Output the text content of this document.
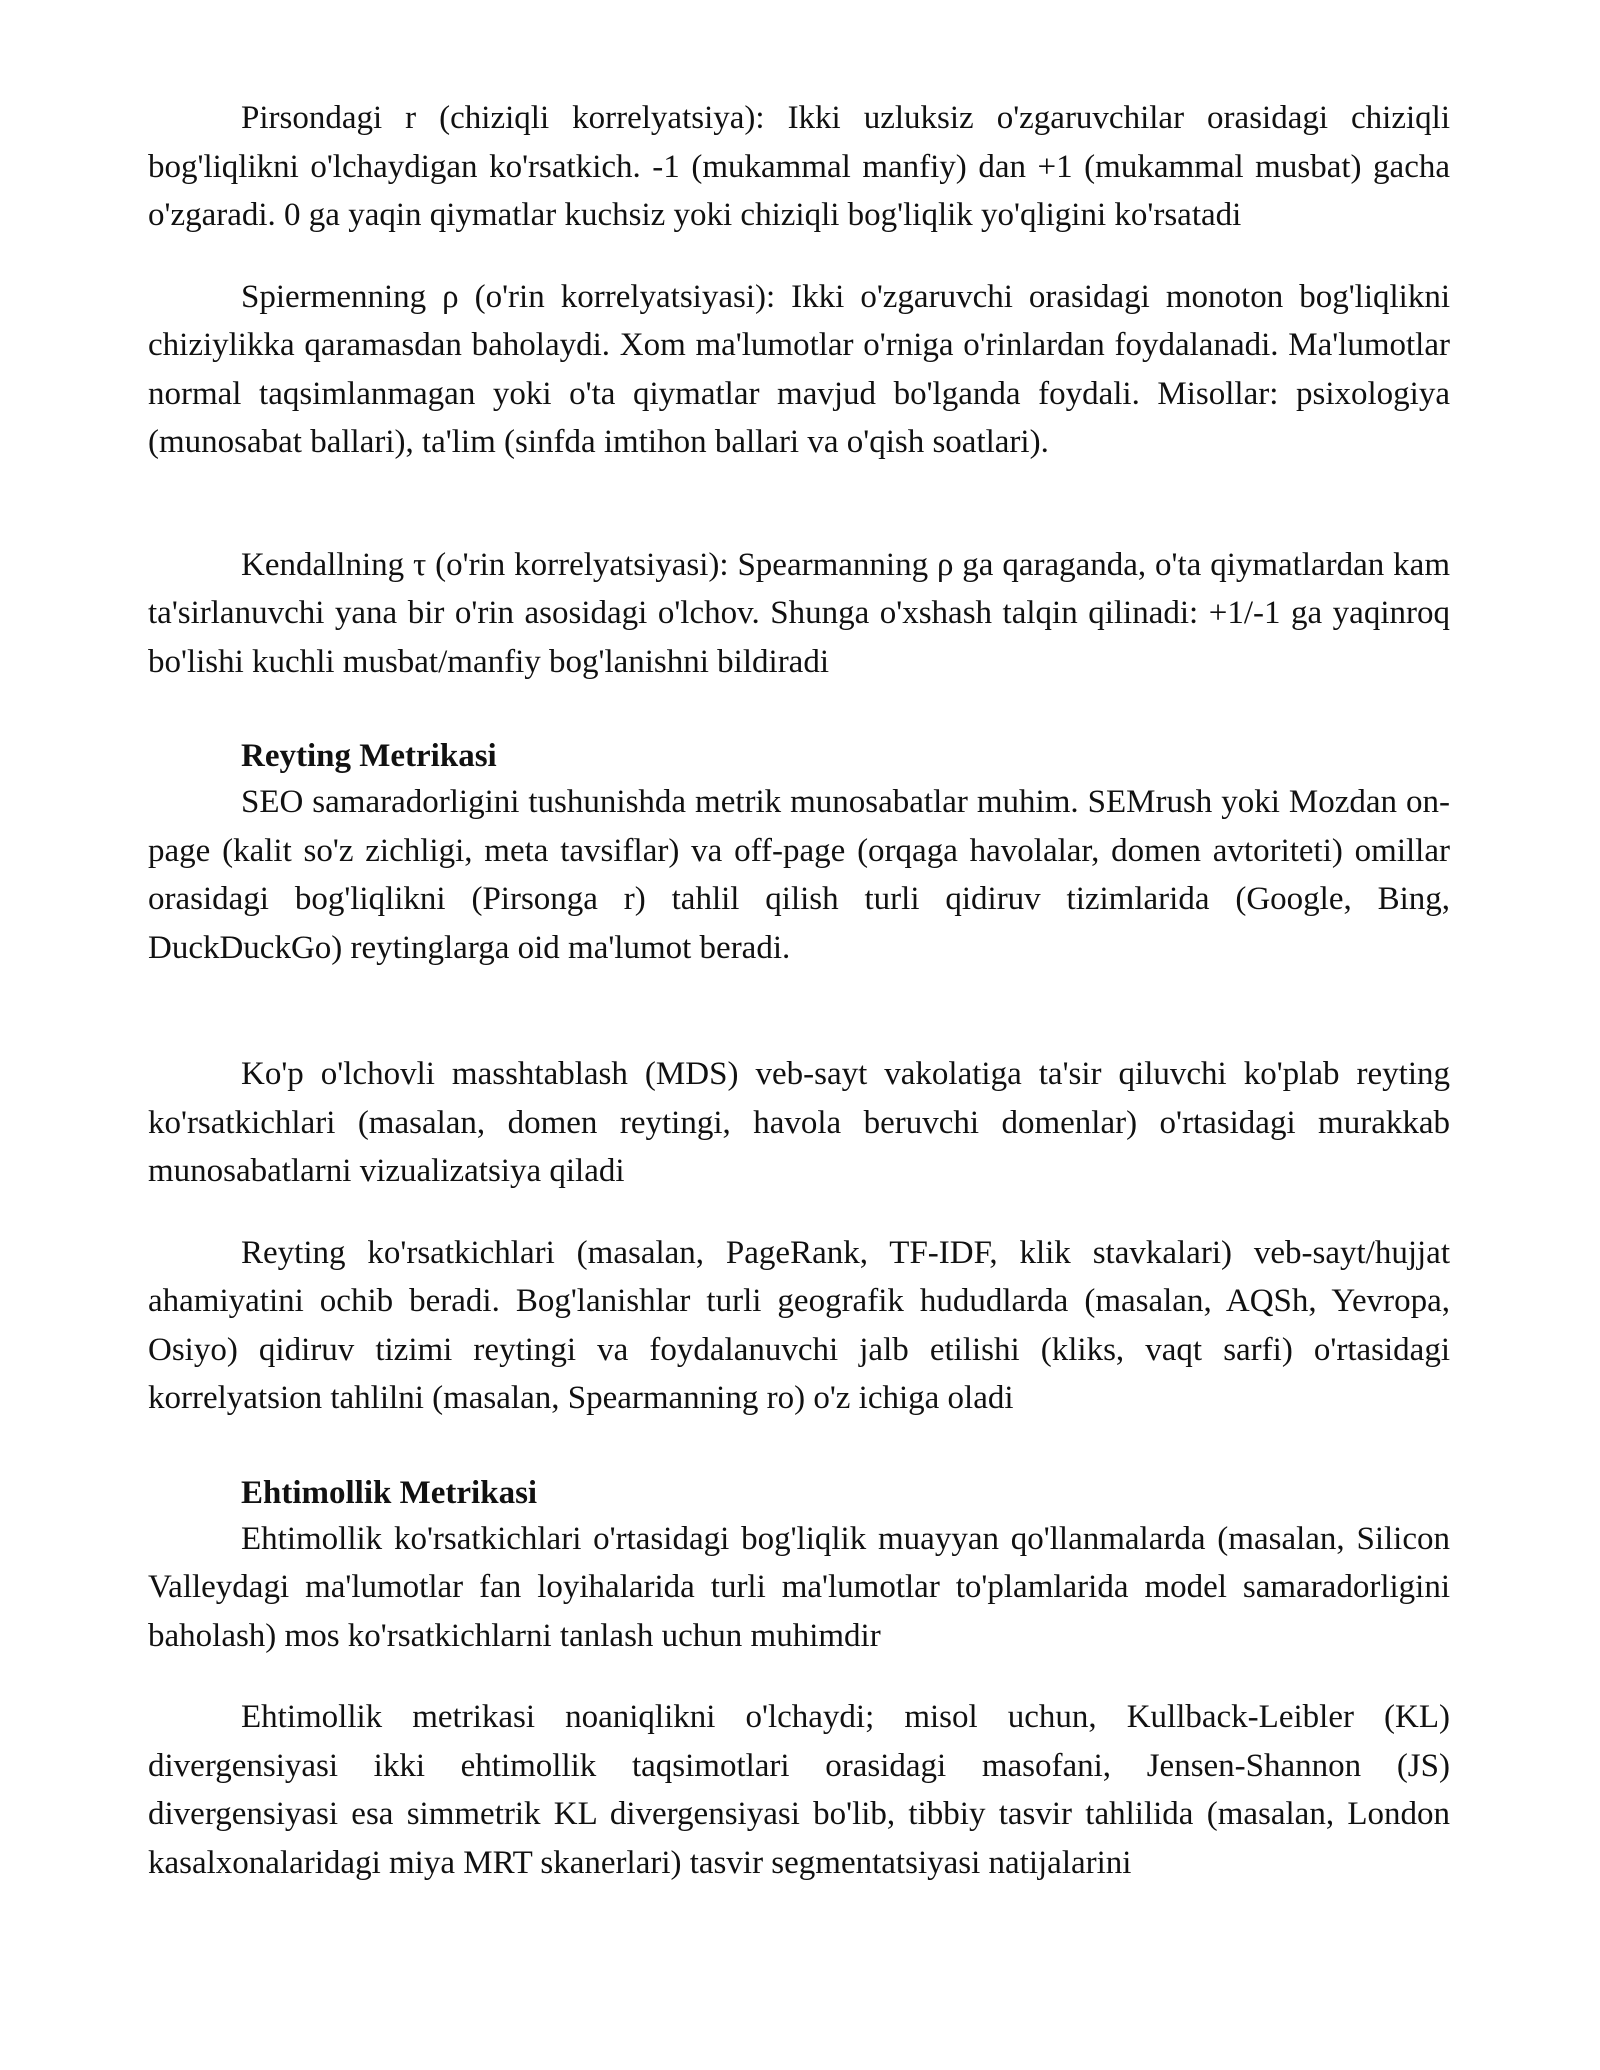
Pirsondagi r (chiziqli korrelyatsiya): Ikki uzluksiz o'zgaruvchilar orasidagi chiziqli bog'liqlikni o'lchaydigan ko'rsatkich. -1 (mukammal manfiy) dan +1 (mukammal musbat) gacha o'zgaradi. 0 ga yaqin qiymatlar kuchsiz yoki chiziqli bog'liqlik yo'qligini ko'rsatadi

Spiermenning ρ (o'rin korrelyatsiyasi): Ikki o'zgaruvchi orasidagi monoton bog'liqlikni chiziylikka qaramasdan baholaydi. Xom ma'lumotlar o'rniga o'rinlardan foydalanadi. Ma'lumotlar normal taqsimlanmagan yoki o'ta qiymatlar mavjud bo'lganda foydali. Misollar: psixologiya (munosabat ballari), ta'lim (sinfda imtihon ballari va o'qish soatlari).

Kendallning τ (o'rin korrelyatsiyasi): Spearmanning ρ ga qaraganda, o'ta qiymatlardan kam ta'sirlanuvchi yana bir o'rin asosidagi o'lchov. Shunga o'xshash talqin qilinadi: +1/-1 ga yaqinroq bo'lishi kuchli musbat/manfiy bog'lanishni bildiradi

Reyting Metrikasi

SEO samaradorligini tushunishda metrik munosabatlar muhim. SEMrush yoki Mozdan on-page (kalit so'z zichligi, meta tavsiflar) va off-page (orqaga havolalar, domen avtoriteti) omillar orasidagi bog'liqlikni (Pirsonga r) tahlil qilish turli qidiruv tizimlarida (Google, Bing, DuckDuckGo) reytinglarga oid ma'lumot beradi.

Ko'p o'lchovli masshtablash (MDS) veb-sayt vakolatiga ta'sir qiluvchi ko'plab reyting ko'rsatkichlari (masalan, domen reytingi, havola beruvchi domenlar) o'rtasidagi murakkab munosabatlarni vizualizatsiya qiladi

Reyting ko'rsatkichlari (masalan, PageRank, TF-IDF, klik stavkalari) veb-sayt/hujjat ahamiyatini ochib beradi. Bog'lanishlar turli geografik hududlarda (masalan, AQSh, Yevropa, Osiyo) qidiruv tizimi reytingi va foydalanuvchi jalb etilishi (kliks, vaqt sarfi) o'rtasidagi korrelyatsion tahlilni (masalan, Spearmanning ro) o'z ichiga oladi

Ehtimollik Metrikasi

Ehtimollik ko'rsatkichlari o'rtasidagi bog'liqlik muayyan qo'llanmalarda (masalan, Silicon Valleydagi ma'lumotlar fan loyihalarida turli ma'lumotlar to'plamlarida model samaradorligini baholash) mos ko'rsatkichlarni tanlash uchun muhimdir

Ehtimollik metrikasi noaniqlikni o'lchaydi; misol uchun, Kullback-Leibler (KL) divergensiyasi ikki ehtimollik taqsimotlari orasidagi masofani, Jensen-Shannon (JS) divergensiyasi esa simmetrik KL divergensiyasi bo'lib, tibbiy tasvir tahlilida (masalan, London kasalxonalaridagi miya MRT skanerlari) tasvir segmentatsiyasi natijalarini
